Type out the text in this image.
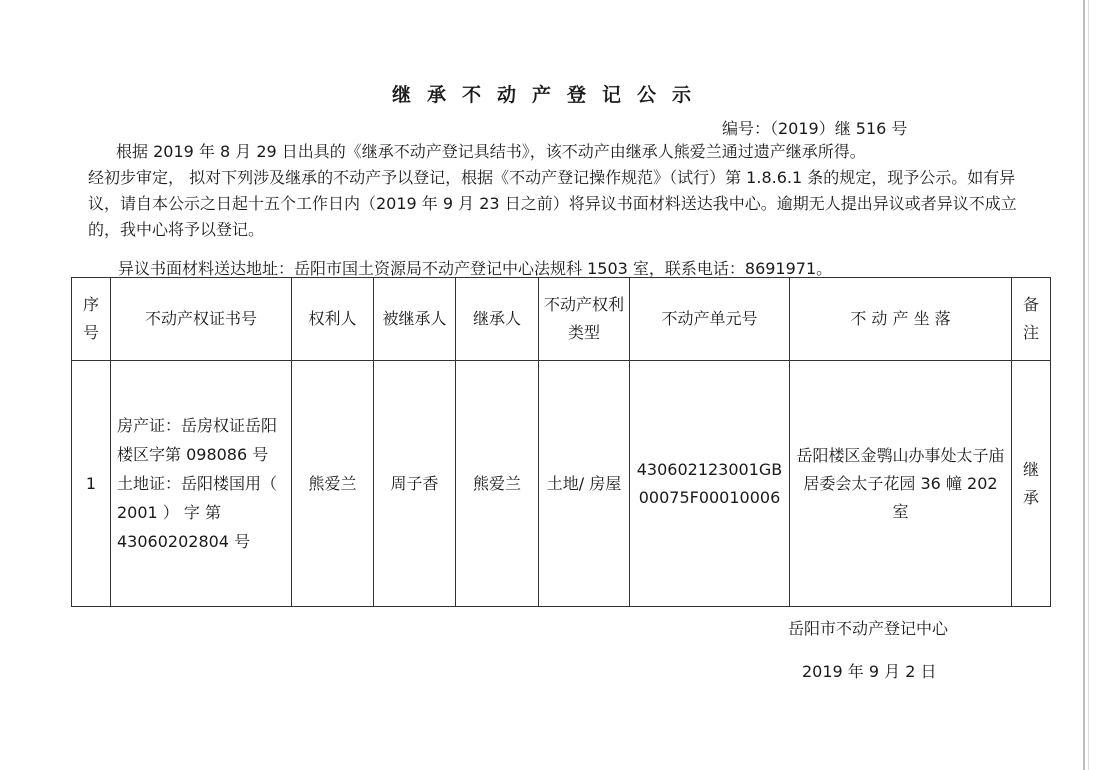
继承不动产登记公示
编号：（2019）继 516 号
根据 2019 年 8 月 29 日出具的《继承不动产登记具结书》，该不动产由继承人熊爱兰通过遗产继承所得。
经初步审定， 拟对下列涉及继承的不动产予以登记，根据《不动产登记操作规范》（试行）第 1.8.6.1 条的规定，现予公示。如有异议，请自本公示之日起十五个工作日内（2019 年 9 月 23 日之前）将异议书面材料送达我中心。逾期无人提出异议或者异议不成立的，我中心将予以登记。
异议书面材料送达地址：岳阳市国土资源局不动产登记中心法规科 1503 室，联系电话：8691971。
序号	不动产权证书号	权利人	被继承人	继承人	不动产权利类型	不动产单元号	不 动 产 坐 落	备注
1	房产证：岳房权证岳阳楼区字第 098086 号 土地证：岳阳楼国用（ 2001 ） 字 第 43060202804 号	熊爱兰	周子香	熊爱兰	土地/ 房屋	430602123001GB00075F00010006	岳阳楼区金鹗山办事处太子庙居委会太子花园 36 幢 202 室	继承
岳阳市不动产登记中心
2019 年 9 月 2 日
